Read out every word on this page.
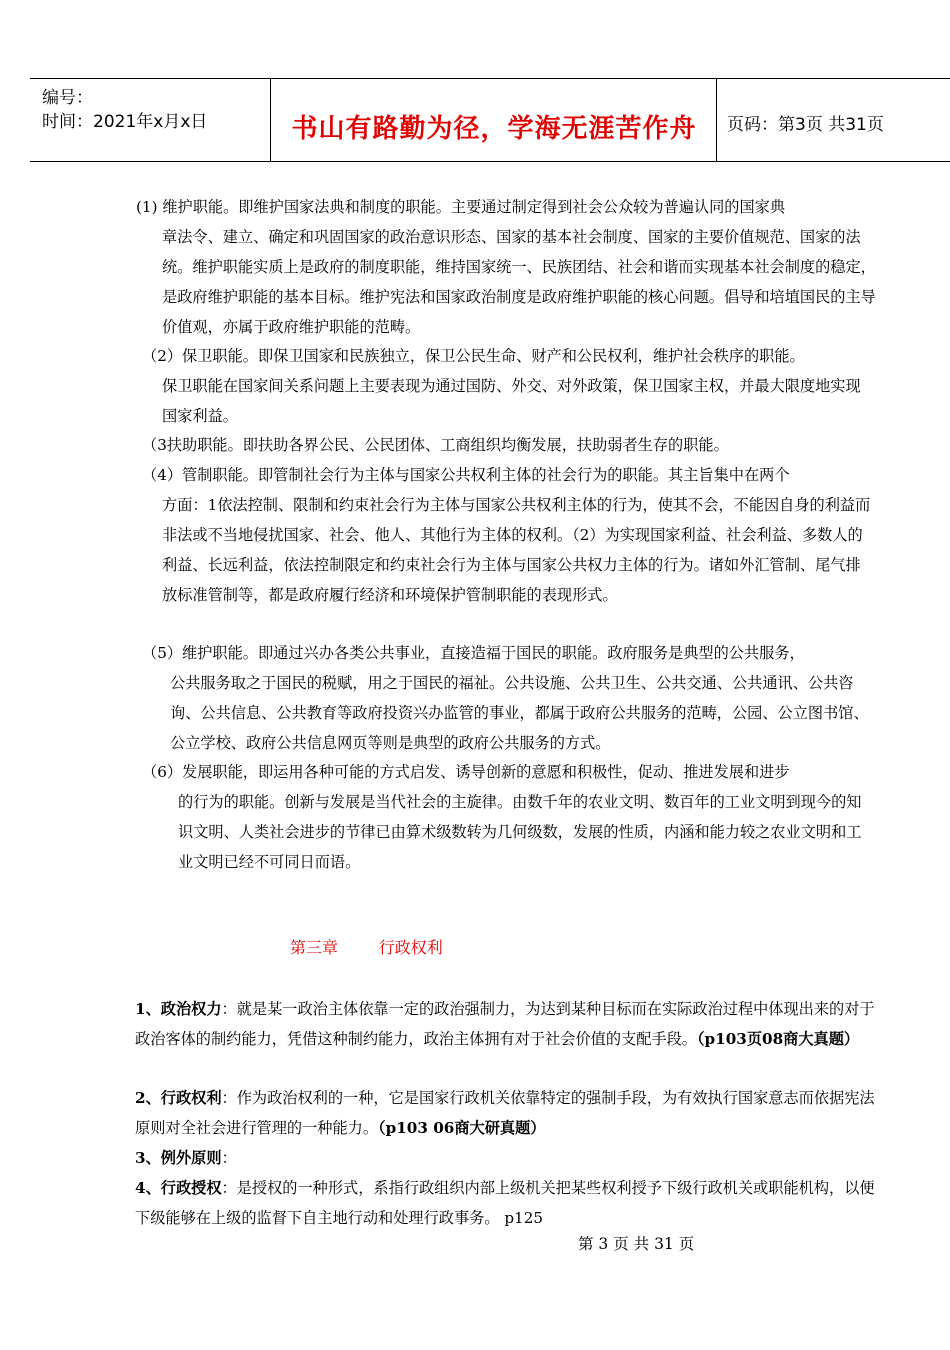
编号：
时间：2021年x月x日	书山有路勤为径，学海无涯苦作舟	页码：第3页 共31页

(1) 维护职能。即维护国家法典和制度的职能。主要通过制定得到社会公众较为普遍认同的国家典
章法令、建立、确定和巩固国家的政治意识形态、国家的基本社会制度、国家的主要价值规范、国家的法统。维护职能实质上是政府的制度职能，维持国家统一、民族团结、社会和谐而实现基本社会制度的稳定，是政府维护职能的基本目标。维护宪法和国家政治制度是政府维护职能的核心问题。倡导和培埴国民的主导价值观，亦属于政府维护职能的范畴。

（2）保卫职能。即保卫国家和民族独立，保卫公民生命、财产和公民权利，维护社会秩序的职能。
保卫职能在国家间关系问题上主要表现为通过国防、外交、对外政策，保卫国家主权，并最大限度地实现国家利益。

（3扶助职能。即扶助各界公民、公民团体、工商组织均衡发展，扶助弱者生存的职能。

（4）管制职能。即管制社会行为主体与国家公共权利主体的社会行为的职能。其主旨集中在两个
方面：1依法控制、限制和约束社会行为主体与国家公共权利主体的行为，使其不会，不能因自身的利益而非法或不当地侵扰国家、社会、他人、其他行为主体的权利。（2）为实现国家利益、社会利益、多数人的利益、长远利益，依法控制限定和约束社会行为主体与国家公共权力主体的行为。诸如外汇管制、尾气排放标准管制等，都是政府履行经济和环境保护管制职能的表现形式。

（5）维护职能。即通过兴办各类公共事业，直接造福于国民的职能。政府服务是典型的公共服务，
公共服务取之于国民的税赋，用之于国民的福祉。公共设施、公共卫生、公共交通、公共通讯、公共咨询、公共信息、公共教育等政府投资兴办监管的事业，都属于政府公共服务的范畴，公园、公立图书馆、公立学校、政府公共信息网页等则是典型的政府公共服务的方式。

（6）发展职能，即运用各种可能的方式启发、诱导创新的意愿和积极性，促动、推进发展和进步
的行为的职能。创新与发展是当代社会的主旋律。由数千年的农业文明、数百年的工业文明到现今的知识文明、人类社会进步的节律已由算术级数转为几何级数，发展的性质，内涵和能力较之农业文明和工业文明已经不可同日而语。

第三章	行政权利

1、政治权力：就是某一政治主体依靠一定的政治强制力，为达到某种目标而在实际政治过程中体现出来的对于政治客体的制约能力，凭借这种制约能力，政治主体拥有对于社会价值的支配手段。（p103页08商大真题）

2、行政权利：作为政治权利的一种，它是国家行政机关依靠特定的强制手段，为有效执行国家意志而依据宪法原则对全社会进行管理的一种能力。（p103 06商大研真题）

3、例外原则：

4、行政授权：是授权的一种形式，系指行政组织内部上级机关把某些权利授予下级行政机关或职能机构，以便下级能够在上级的监督下自主地行动和处理行政事务。 p125

第 3 页 共 31 页
